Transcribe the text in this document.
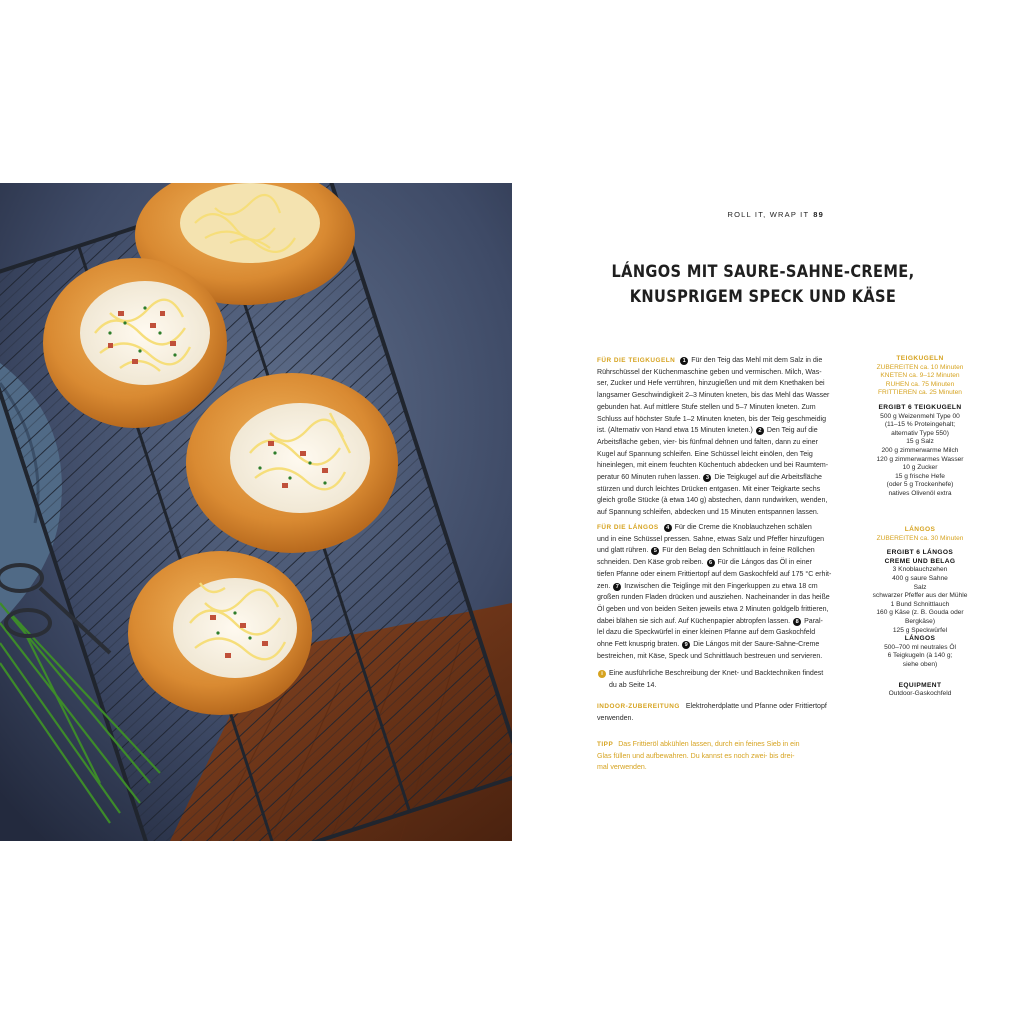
ROLL IT, WRAP IT 89
LÁNGOS MIT SAURE-SAHNE-CREME,
KNUSPRIGEM SPECK UND KÄSE
FÜR DIE TEIGKUGELN 1 Für den Teig das Mehl mit dem Salz in die
Rührschüssel der Küchenmaschine geben und vermischen. Milch, Was-
ser, Zucker und Hefe verrühren, hinzugießen und mit dem Knethaken bei
langsamer Geschwindigkeit 2–3 Minuten kneten, bis das Mehl das Wasser
gebunden hat. Auf mittlere Stufe stellen und 5–7 Minuten kneten. Zum
Schluss auf höchster Stufe 1–2 Minuten kneten, bis der Teig geschmeidig
ist. (Alternativ von Hand etwa 15 Minuten kneten.) 2 Den Teig auf die
Arbeitsfläche geben, vier- bis fünfmal dehnen und falten, dann zu einer
Kugel auf Spannung schleifen. Eine Schüssel leicht einölen, den Teig
hineinlegen, mit einem feuchten Küchentuch abdecken und bei Raumtem-
peratur 60 Minuten ruhen lassen. 3 Die Teigkugel auf die Arbeitsfläche
stürzen und durch leichtes Drücken entgasen. Mit einer Teigkarte sechs
gleich große Stücke (à etwa 140 g) abstechen, dann rundwirken, wenden,
auf Spannung schleifen, abdecken und 15 Minuten entspannen lassen.
FÜR DIE LÁNGOS 4 Für die Creme die Knoblauchzehen schälen
und in eine Schüssel pressen. Sahne, etwas Salz und Pfeffer hinzufügen
und glatt rühren. 5 Für den Belag den Schnittlauch in feine Röllchen
schneiden. Den Käse grob reiben. 6 Für die Lángos das Öl in einer
tiefen Pfanne oder einem Frittiertopf auf dem Gaskochfeld auf 175 °C erhit-
zen. 7 Inzwischen die Teiglinge mit den Fingerkuppen zu etwa 18 cm
großen runden Fladen drücken und ausziehen. Nacheinander in das heiße
Öl geben und von beiden Seiten jeweils etwa 2 Minuten goldgelb frittieren,
dabei blähen sie sich auf. Auf Küchenpapier abtropfen lassen. 8 Paral-
lel dazu die Speckwürfel in einer kleinen Pfanne auf dem Gaskochfeld
ohne Fett knusprig braten. 9 Die Lángos mit der Saure-Sahne-Creme
bestreichen, mit Käse, Speck und Schnittlauch bestreuen und servieren.
i Eine ausführliche Beschreibung der Knet- und Backtechniken findest
du ab Seite 14.
INDOOR-ZUBEREITUNG Elektroherdplatte und Pfanne oder Frittiertopf
verwenden.
TIPP Das Frittieröl abkühlen lassen, durch ein feines Sieb in ein
Glas füllen und aufbewahren. Du kannst es noch zwei- bis drei-
mal verwenden.
TEIGKUGELN
ZUBEREITEN ca. 10 Minuten
KNETEN ca. 9–12 Minuten
RUHEN ca. 75 Minuten
FRITTIEREN ca. 25 Minuten
ERGIBT 6 TEIGKUGELN
500 g Weizenmehl Type 00
(11–15 % Proteingehalt;
alternativ Type 550)
15 g Salz
200 g zimmerwarme Milch
120 g zimmerwarmes Wasser
10 g Zucker
15 g frische Hefe
(oder 5 g Trockenhefe)
natives Olivenöl extra
LÁNGOS
ZUBEREITEN ca. 30 Minuten
ERGIBT 6 LÁNGOS
CREME UND BELAG
3 Knoblauchzehen
400 g saure Sahne
Salz
schwarzer Pfeffer aus der Mühle
1 Bund Schnittlauch
160 g Käse (z. B. Gouda oder
Bergkäse)
125 g Speckwürfel
LÁNGOS
500–700 ml neutrales Öl
6 Teigkugeln (à 140 g;
siehe oben)
EQUIPMENT
Outdoor-Gaskochfeld
